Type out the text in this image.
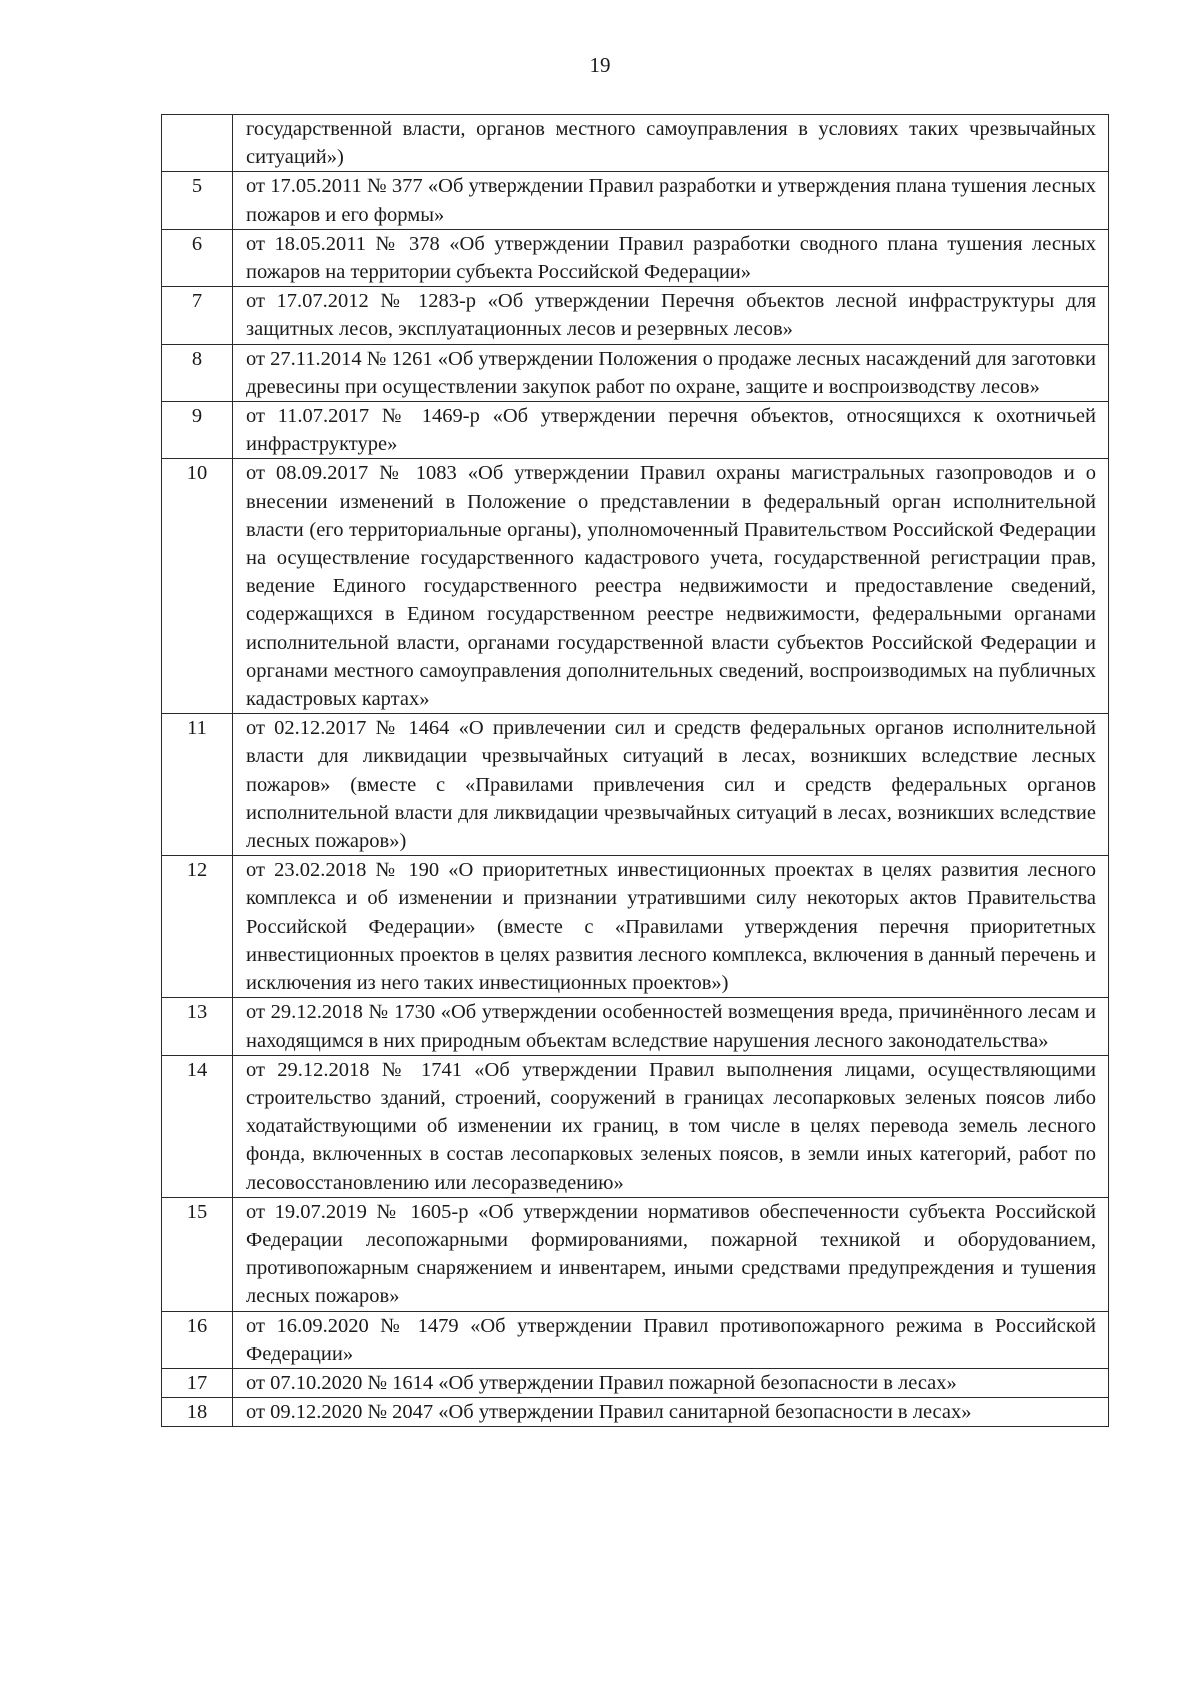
19
	государственной власти, органов местного самоуправления в условиях таких чрезвычайных ситуаций»)
5	от 17.05.2011 № 377 «Об утверждении Правил разработки и утверждения плана тушения лесных пожаров и его формы»
6	от 18.05.2011 № 378 «Об утверждении Правил разработки сводного плана тушения лесных пожаров на территории субъекта Российской Федерации»
7	от 17.07.2012 № 1283-р «Об утверждении Перечня объектов лесной инфраструктуры для защитных лесов, эксплуатационных лесов и резервных лесов»
8	от 27.11.2014 № 1261 «Об утверждении Положения о продаже лесных насаждений для заготовки древесины при осуществлении закупок работ по охране, защите и воспроизводству лесов»
9	от 11.07.2017 № 1469-р «Об утверждении перечня объектов, относящихся к охотничьей инфраструктуре»
10	от 08.09.2017 № 1083 «Об утверждении Правил охраны магистральных газопроводов и о внесении изменений в Положение о представлении в федеральный орган исполнительной власти (его территориальные органы), уполномоченный Правительством Российской Федерации на осуществление государственного кадастрового учета, государственной регистрации прав, ведение Единого государственного реестра недвижимости и предоставление сведений, содержащихся в Едином государственном реестре недвижимости, федеральными органами исполнительной власти, органами государственной власти субъектов Российской Федерации и органами местного самоуправления дополнительных сведений, воспроизводимых на публичных кадастровых картах»
11	от 02.12.2017 № 1464 «О привлечении сил и средств федеральных органов исполнительной власти для ликвидации чрезвычайных ситуаций в лесах, возникших вследствие лесных пожаров» (вместе с «Правилами привлечения сил и средств федеральных органов исполнительной власти для ликвидации чрезвычайных ситуаций в лесах, возникших вследствие лесных пожаров»)
12	от 23.02.2018 № 190 «О приоритетных инвестиционных проектах в целях развития лесного комплекса и об изменении и признании утратившими силу некоторых актов Правительства Российской Федерации» (вместе с «Правилами утверждения перечня приоритетных инвестиционных проектов в целях развития лесного комплекса, включения в данный перечень и исключения из него таких инвестиционных проектов»)
13	от 29.12.2018 № 1730 «Об утверждении особенностей возмещения вреда, причинённого лесам и находящимся в них природным объектам вследствие нарушения лесного законодательства»
14	от 29.12.2018 № 1741 «Об утверждении Правил выполнения лицами, осуществляющими строительство зданий, строений, сооружений в границах лесопарковых зеленых поясов либо ходатайствующими об изменении их границ, в том числе в целях перевода земель лесного фонда, включенных в состав лесопарковых зеленых поясов, в земли иных категорий, работ по лесовосстановлению или лесоразведению»
15	от 19.07.2019 № 1605-р «Об утверждении нормативов обеспеченности субъекта Российской Федерации лесопожарными формированиями, пожарной техникой и оборудованием, противопожарным снаряжением и инвентарем, иными средствами предупреждения и тушения лесных пожаров»
16	от 16.09.2020 № 1479 «Об утверждении Правил противопожарного режима в Российской Федерации»
17	от 07.10.2020 № 1614 «Об утверждении Правил пожарной безопасности в лесах»
18	от 09.12.2020 № 2047 «Об утверждении Правил санитарной безопасности в лесах»
